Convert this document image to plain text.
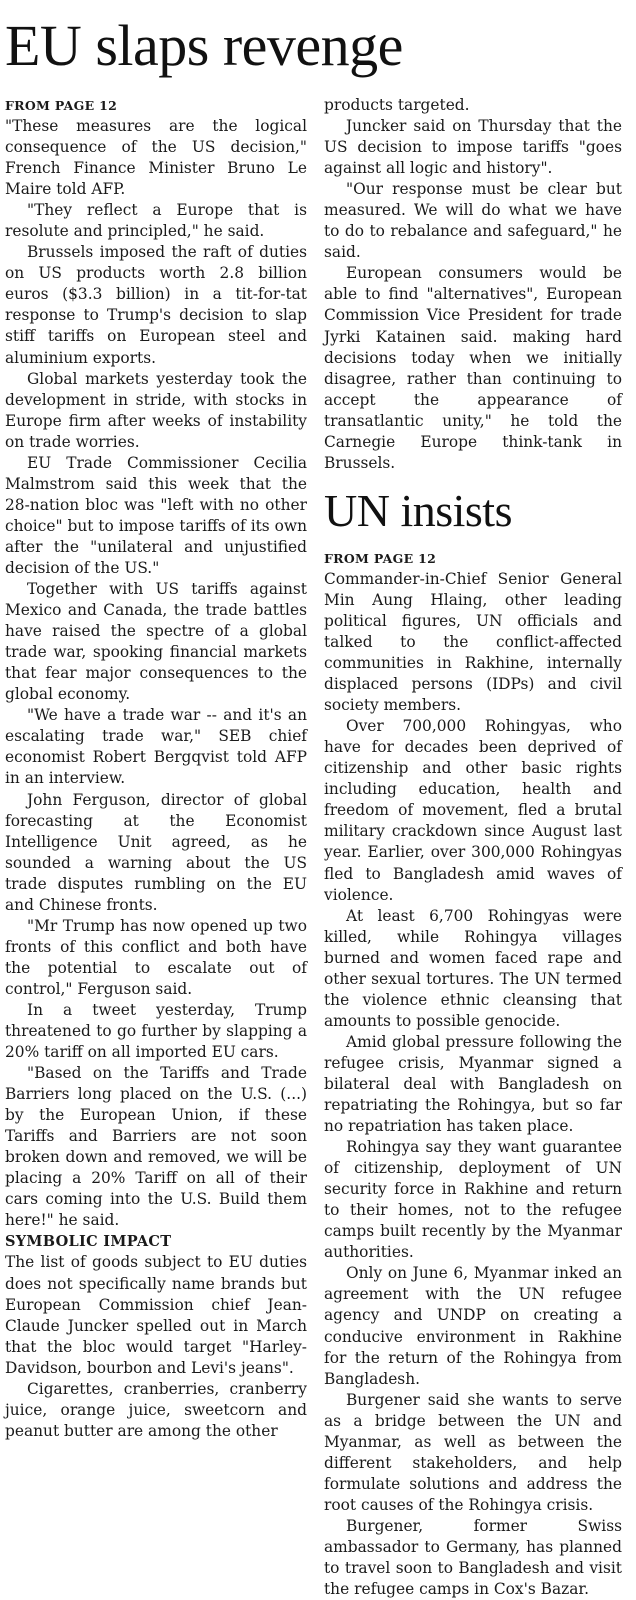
EU slaps revenge
FROM PAGE 12

"These measures are the logical consequence of the US decision," French Finance Minister Bruno Le Maire told AFP.

"They reflect a Europe that is resolute and principled," he said.

Brussels imposed the raft of duties on US products worth 2.8 billion euros ($3.3 billion) in a tit-for-tat response to Trump's decision to slap stiff tariffs on European steel and aluminium exports.

Global markets yesterday took the development in stride, with stocks in Europe firm after weeks of instability on trade worries.

EU Trade Commissioner Cecilia Malmstrom said this week that the 28-nation bloc was "left with no other choice" but to impose tariffs of its own after the "unilateral and unjustified decision of the US."

Together with US tariffs against Mexico and Canada, the trade battles have raised the spectre of a global trade war, spooking financial markets that fear major consequences to the global economy.

"We have a trade war -- and it's an escalating trade war," SEB chief economist Robert Bergqvist told AFP in an interview.

John Ferguson, director of global forecasting at the Economist Intelligence Unit agreed, as he sounded a warning about the US trade disputes rumbling on the EU and Chinese fronts.

"Mr Trump has now opened up two fronts of this conflict and both have the potential to escalate out of control," Ferguson said.

In a tweet yesterday, Trump threatened to go further by slapping a 20% tariff on all imported EU cars.

"Based on the Tariffs and Trade Barriers long placed on the U.S. (...) by the European Union, if these Tariffs and Barriers are not soon broken down and removed, we will be placing a 20% Tariff on all of their cars coming into the U.S. Build them here!" he said.

SYMBOLIC IMPACT

The list of goods subject to EU duties does not specifically name brands but European Commission chief Jean-Claude Juncker spelled out in March that the bloc would target "Harley-Davidson, bourbon and Levi's jeans".

Cigarettes, cranberries, cranberry juice, orange juice, sweetcorn and peanut butter are among the other

products targeted.

Juncker said on Thursday that the US decision to impose tariffs "goes against all logic and history".

"Our response must be clear but measured. We will do what we have to do to rebalance and safeguard," he said.

European consumers would be able to find "alternatives", European Commission Vice President for trade Jyrki Katainen said. making hard decisions today when we initially disagree, rather than continuing to accept the appearance of transatlantic unity," he told the Carnegie Europe think-tank in Brussels.

UN insists
FROM PAGE 12

Commander-in-Chief Senior General Min Aung Hlaing, other leading political figures, UN officials and talked to the conflict-affected communities in Rakhine, internally displaced persons (IDPs) and civil society members.

Over 700,000 Rohingyas, who have for decades been deprived of citizenship and other basic rights including education, health and freedom of movement, fled a brutal military crackdown since August last year. Earlier, over 300,000 Rohingyas fled to Bangladesh amid waves of violence.

At least 6,700 Rohingyas were killed, while Rohingya villages burned and women faced rape and other sexual tortures. The UN termed the violence ethnic cleansing that amounts to possible genocide.

Amid global pressure following the refugee crisis, Myanmar signed a bilateral deal with Bangladesh on repatriating the Rohingya, but so far no repatriation has taken place.

Rohingya say they want guarantee of citizenship, deployment of UN security force in Rakhine and return to their homes, not to the refugee camps built recently by the Myanmar authorities.

Only on June 6, Myanmar inked an agreement with the UN refugee agency and UNDP on creating a conducive environment in Rakhine for the return of the Rohingya from Bangladesh.

Burgener said she wants to serve as a bridge between the UN and Myanmar, as well as between the different stakeholders, and help formulate solutions and address the root causes of the Rohingya crisis.

Burgener, former Swiss ambassador to Germany, has planned to travel soon to Bangladesh and visit the refugee camps in Cox's Bazar.
